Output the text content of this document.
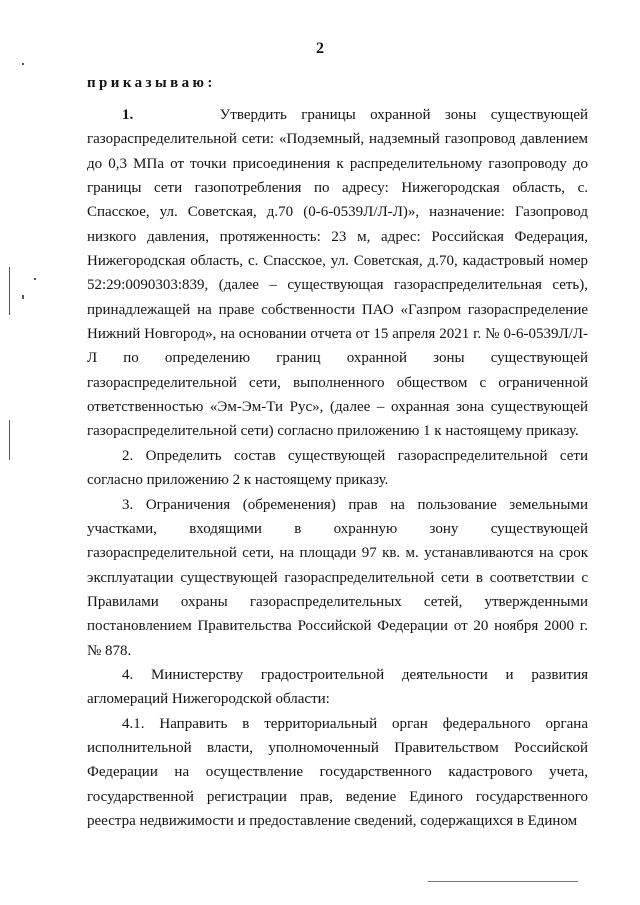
2
приказываю:

1.	Утвердить границы охранной зоны существующей газораспределительной сети: «Подземный, надземный газопровод давлением до 0,3 МПа от точки присоединения к распределительному газопроводу до границы сети газопотребления по адресу: Нижегородская область, с. Спасское, ул. Советская, д.70 (0-6-0539Л/Л-Л)», назначение: Газопровод низкого давления, протяженность: 23 м, адрес: Российская Федерация, Нижегородская область, с. Спасское, ул. Советская, д.70, кадастровый номер 52:29:0090303:839, (далее – существующая газораспределительная сеть), принадлежащей на праве собственности ПАО «Газпром газораспределение Нижний Новгород», на основании отчета от 15 апреля 2021 г. № 0-6-0539Л/Л-Л по определению границ охранной зоны существующей газораспределительной сети, выполненного обществом с ограниченной ответственностью «Эм-Эм-Ти Рус», (далее – охранная зона существующей газораспределительной сети) согласно приложению 1 к настоящему приказу.

2. Определить состав существующей газораспределительной сети согласно приложению 2 к настоящему приказу.

3. Ограничения (обременения) прав на пользование земельными участками, входящими в охранную зону существующей газораспределительной сети, на площади 97 кв. м. устанавливаются на срок эксплуатации существующей газораспределительной сети в соответствии с Правилами охраны газораспределительных сетей, утвержденными постановлением Правительства Российской Федерации от 20 ноября 2000 г. № 878.

4. Министерству градостроительной деятельности и развития агломераций Нижегородской области:

4.1. Направить в территориальный орган федерального органа исполнительной власти, уполномоченный Правительством Российской Федерации на осуществление государственного кадастрового учета, государственной регистрации прав, ведение Единого государственного реестра недвижимости и предоставление сведений, содержащихся в Едином
